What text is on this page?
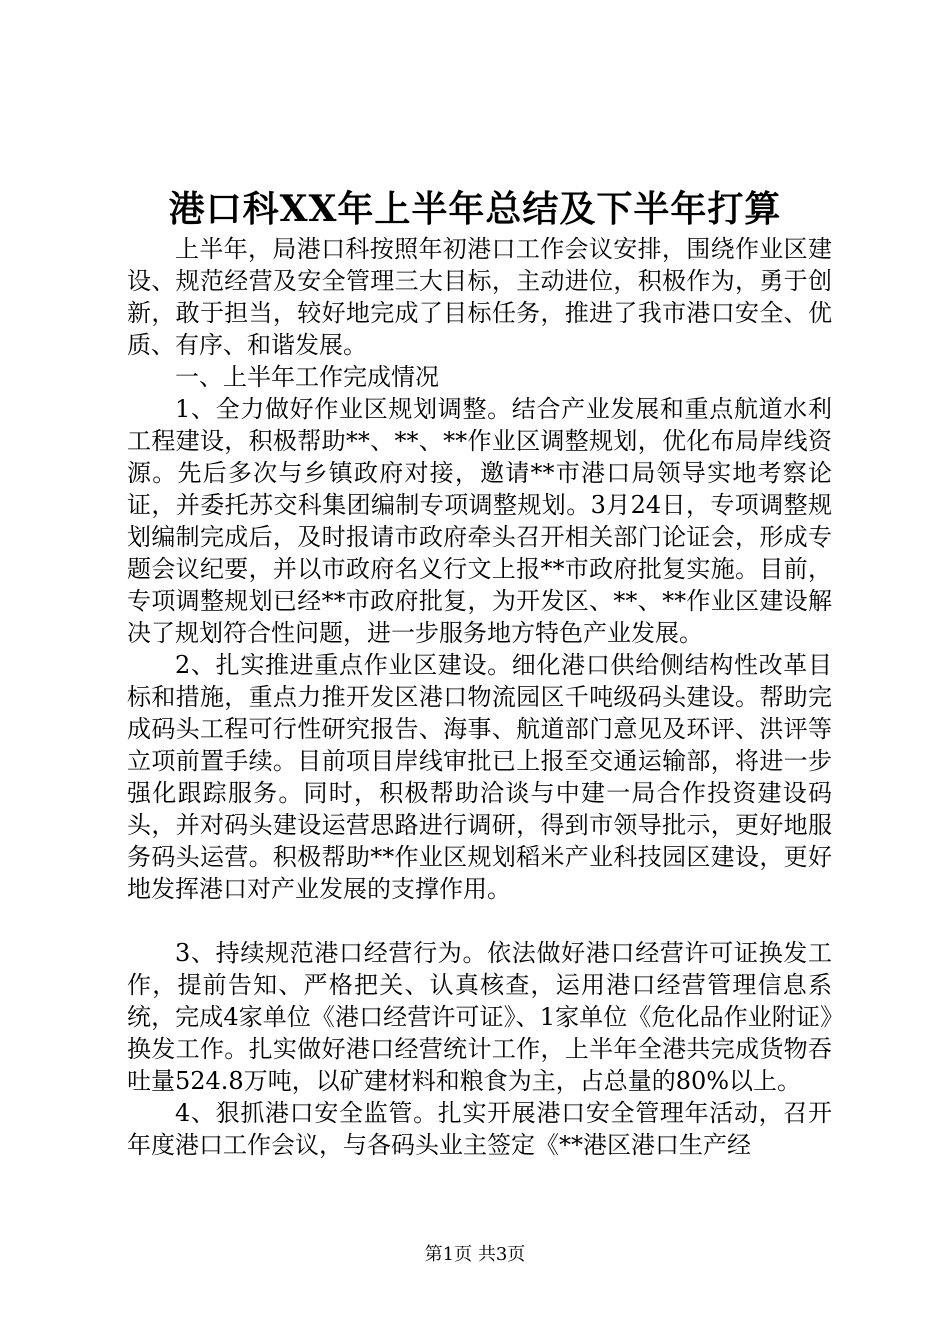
港口科XX年上半年总结及下半年打算

上半年，局港口科按照年初港口工作会议安排，围绕作业区建设、规范经营及安全管理三大目标，主动进位，积极作为，勇于创新，敢于担当，较好地完成了目标任务，推进了我市港口安全、优质、有序、和谐发展。

一、上半年工作完成情况

1、全力做好作业区规划调整。结合产业发展和重点航道水利工程建设，积极帮助**、**、**作业区调整规划，优化布局岸线资源。先后多次与乡镇政府对接，邀请**市港口局领导实地考察论证，并委托苏交科集团编制专项调整规划。3月24日，专项调整规划编制完成后，及时报请市政府牵头召开相关部门论证会，形成专题会议纪要，并以市政府名义行文上报**市政府批复实施。目前，专项调整规划已经**市政府批复，为开发区、**、**作业区建设解决了规划符合性问题，进一步服务地方特色产业发展。

2、扎实推进重点作业区建设。细化港口供给侧结构性改革目标和措施，重点力推开发区港口物流园区千吨级码头建设。帮助完成码头工程可行性研究报告、海事、航道部门意见及环评、洪评等立项前置手续。目前项目岸线审批已上报至交通运输部，将进一步强化跟踪服务。同时，积极帮助洽谈与中建一局合作投资建设码头，并对码头建设运营思路进行调研，得到市领导批示，更好地服务码头运营。积极帮助**作业区规划稻米产业科技园区建设，更好地发挥港口对产业发展的支撑作用。

3、持续规范港口经营行为。依法做好港口经营许可证换发工作，提前告知、严格把关、认真核查，运用港口经营管理信息系统，完成4家单位《港口经营许可证》、1家单位《危化品作业附证》换发工作。扎实做好港口经营统计工作，上半年全港共完成货物吞吐量524.8万吨，以矿建材料和粮食为主，占总量的80%以上。

4、狠抓港口安全监管。扎实开展港口安全管理年活动，召开年度港口工作会议，与各码头业主签定《**港区港口生产经

第1页 共3页
